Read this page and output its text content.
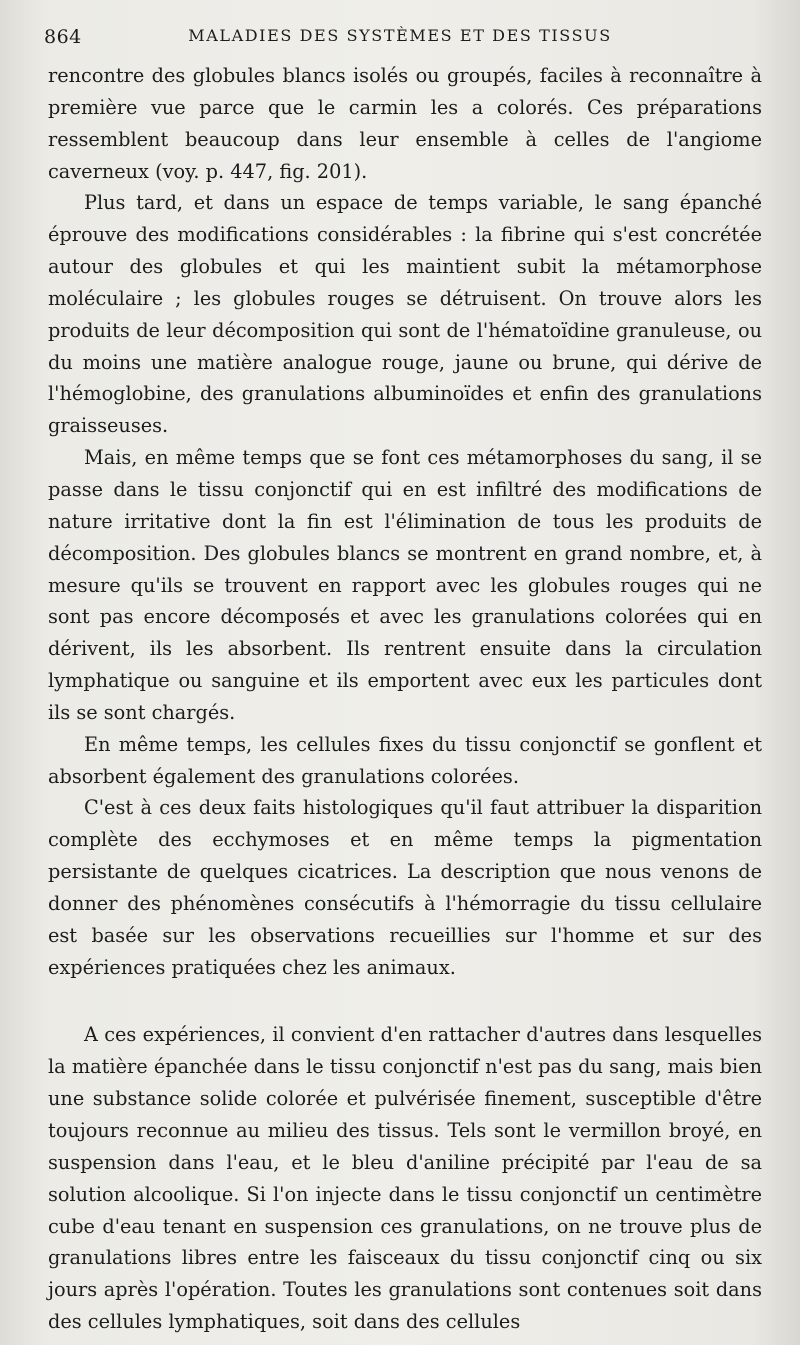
864	MALADIES DES SYSTÈMES ET DES TISSUS

rencontre des globules blancs isolés ou groupés, faciles à reconnaître à première vue parce que le carmin les a colorés. Ces préparations ressemblent beaucoup dans leur ensemble à celles de l'angiome caverneux (voy. p. 447, fig. 201).

Plus tard, et dans un espace de temps variable, le sang épanché éprouve des modifications considérables : la fibrine qui s'est concrétée autour des globules et qui les maintient subit la métamorphose moléculaire ; les globules rouges se détruisent. On trouve alors les produits de leur décomposition qui sont de l'hématoïdine granuleuse, ou du moins une matière analogue rouge, jaune ou brune, qui dérive de l'hémoglobine, des granulations albuminoïdes et enfin des granulations graisseuses.

Mais, en même temps que se font ces métamorphoses du sang, il se passe dans le tissu conjonctif qui en est infiltré des modifications de nature irritative dont la fin est l'élimination de tous les produits de décomposition. Des globules blancs se montrent en grand nombre, et, à mesure qu'ils se trouvent en rapport avec les globules rouges qui ne sont pas encore décomposés et avec les granulations colorées qui en dérivent, ils les absorbent. Ils rentrent ensuite dans la circulation lymphatique ou sanguine et ils emportent avec eux les particules dont ils se sont chargés.

En même temps, les cellules fixes du tissu conjonctif se gonflent et absorbent également des granulations colorées.

C'est à ces deux faits histologiques qu'il faut attribuer la disparition complète des ecchymoses et en même temps la pigmentation persistante de quelques cicatrices. La description que nous venons de donner des phénomènes consécutifs à l'hémorragie du tissu cellulaire est basée sur les observations recueillies sur l'homme et sur des expériences pratiquées chez les animaux.

A ces expériences, il convient d'en rattacher d'autres dans lesquelles la matière épanchée dans le tissu conjonctif n'est pas du sang, mais bien une substance solide colorée et pulvérisée finement, susceptible d'être toujours reconnue au milieu des tissus. Tels sont le vermillon broyé, en suspension dans l'eau, et le bleu d'aniline précipité par l'eau de sa solution alcoolique. Si l'on injecte dans le tissu conjonctif un centimètre cube d'eau tenant en suspension ces granulations, on ne trouve plus de granulations libres entre les faisceaux du tissu conjonctif cinq ou six jours après l'opération. Toutes les granulations sont contenues soit dans des cellules lymphatiques, soit dans des cellules
